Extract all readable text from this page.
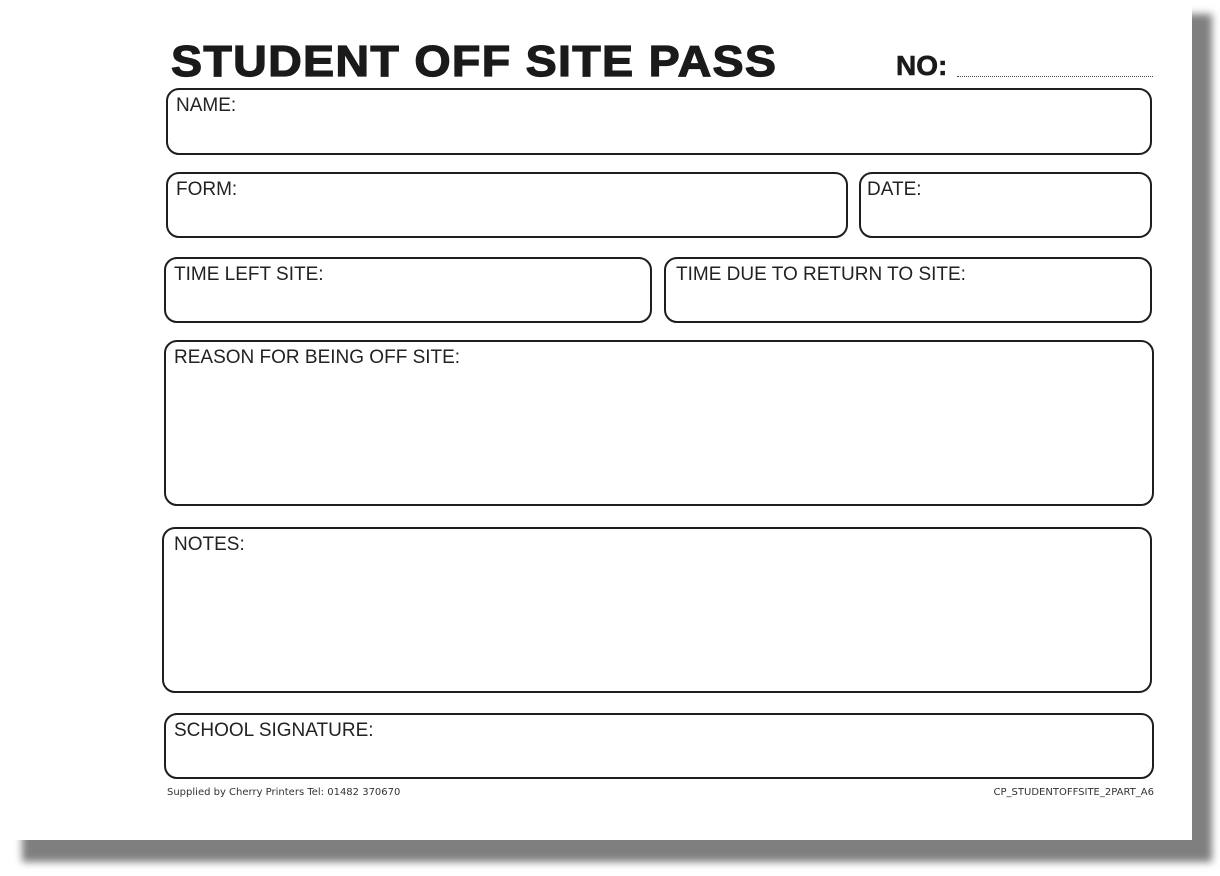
STUDENT OFF SITE PASS	NO:
NAME:
FORM:	DATE:
TIME LEFT SITE:	TIME DUE TO RETURN TO SITE:
REASON FOR BEING OFF SITE:
NOTES:
SCHOOL SIGNATURE:
Supplied by Cherry Printers Tel: 01482 370670	CP_STUDENTOFFSITE_2PART_A6
